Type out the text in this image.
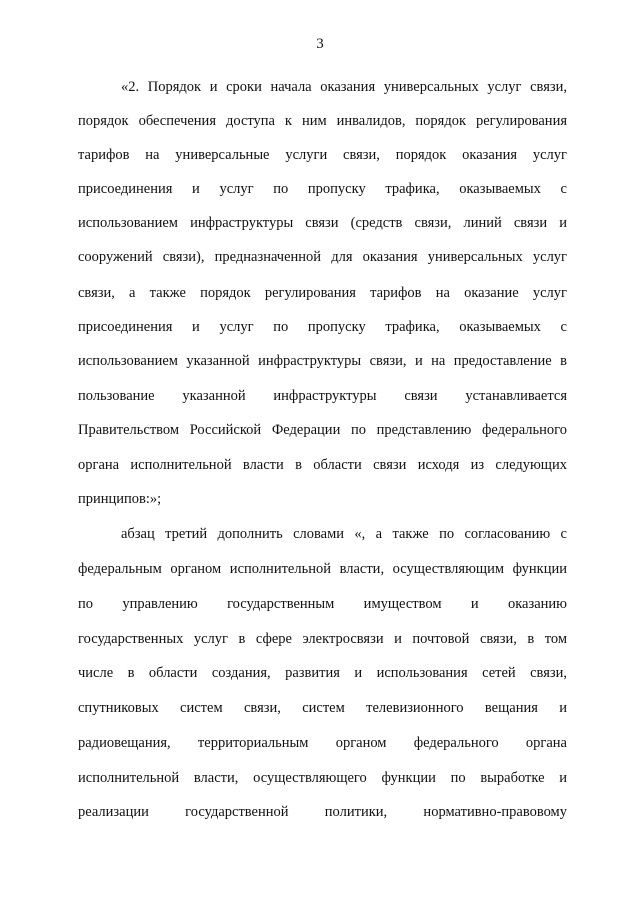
3
«2. Порядок и сроки начала оказания универсальных услуг связи,
порядок обеспечения доступа к ним инвалидов, порядок регулирования
тарифов на универсальные услуги связи, порядок оказания услуг
присоединения и услуг по пропуску трафика, оказываемых с
использованием инфраструктуры связи (средств связи, линий связи и
сооружений связи), предназначенной для оказания универсальных услуг
связи, а также порядок регулирования тарифов на оказание услуг
присоединения и услуг по пропуску трафика, оказываемых с
использованием указанной инфраструктуры связи, и на предоставление в
пользование указанной инфраструктуры связи устанавливается
Правительством Российской Федерации по представлению федерального
органа исполнительной власти в области связи исходя из следующих
принципов:»;
абзац третий дополнить словами «, а также по согласованию с
федеральным органом исполнительной власти, осуществляющим функции
по управлению государственным имуществом и оказанию
государственных услуг в сфере электросвязи и почтовой связи, в том
числе в области создания, развития и использования сетей связи,
спутниковых систем связи, систем телевизионного вещания и
радиовещания, территориальным органом федерального органа
исполнительной власти, осуществляющего функции по выработке и
реализации государственной политики, нормативно-правовому
